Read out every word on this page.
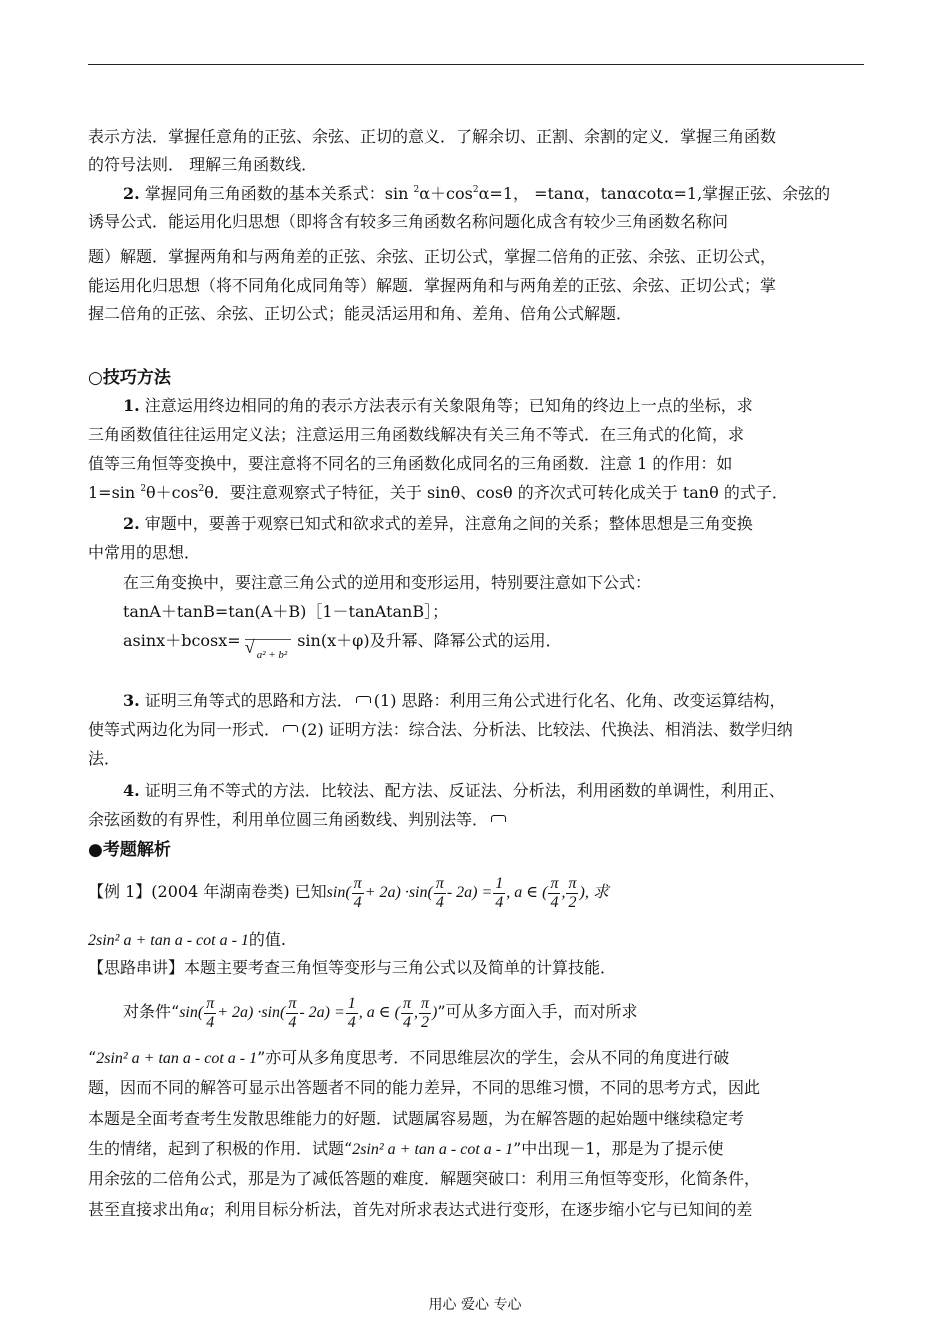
表示方法．掌握任意角的正弦、余弦、正切的意义．了解余切、正割、余割的定义．掌握三角函数
的符号法则． 理解三角函数线．
2. 掌握同角三角函数的基本关系式：$\sin ^2\alpha+\cos^2\alpha=1$， =tanα，tanαcotα=1,掌握正弦、余弦的
诱导公式．能运用化归思想（即将含有较多三角函数名称问题化成含有较少三角函数名称问
题）解题．掌握两角和与两角差的正弦、余弦、正切公式，掌握二倍角的正弦、余弦、正切公式，
能运用化归思想（将不同角化成同角等）解题．掌握两角和与两角差的正弦、余弦、正切公式；掌
握二倍角的正弦、余弦、正切公式；能灵活运用和角、差角、倍角公式解题．
○技巧方法
1. 注意运用终边相同的角的表示方法表示有关象限角等；已知角的终边上一点的坐标，求
三角函数值往往运用定义法；注意运用三角函数线解决有关三角不等式．在三角式的化简，求
值等三角恒等变换中，要注意将不同名的三角函数化成同名的三角函数．注意 1 的作用：如
1=sin $^2\theta+\cos^2\theta$．要注意观察式子特征，关于 sinθ、cosθ 的齐次式可转化成关于 tanθ 的式子．
2. 审题中，要善于观察已知式和欲求式的差异，注意角之间的关系；整体思想是三角变换
中常用的思想．
在三角变换中，要注意三角公式的逆用和变形运用，特别要注意如下公式：
tanA＋tanB=tan(A＋B)［1－tanAtanB］；
asinx＋bcosx=√ a² + b²sin(x＋φ)及升幂、降幂公式的运用．
3. 证明三角等式的思路和方法． (1) 思路：利用三角公式进行化名、化角、改变运算结构，
使等式两边化为同一形式． (2) 证明方法：综合法、分析法、比较法、代换法、相消法、数学归纳
法．
4. 证明三角不等式的方法．比较法、配方法、反证法、分析法，利用函数的单调性，利用正、
余弦函数的有界性，利用单位圆三角函数线、判别法等．
●考题解析
【例 1】(2004 年湖南卷类) 已知$\sin( \frac{\pi}{4} + 2a) \cdot\sin( \frac{\pi}{4} - 2a) = \frac{1}{4}$ , a ∈ ( $\frac{\pi}{4}$ , $\frac{\pi}{2}$ ), 求
2sin² a + tan a - cot a - 1的值.
【思路串讲】本题主要考查三角恒等变形与三角公式以及简单的计算技能．
对条件“$\sin( \frac{\pi}{4} + 2a) \cdot\sin( \frac{\pi}{4} - 2a) = \frac{1}{4}$ , a ∈ ( $\frac{\pi}{4}$ , $\frac{\pi}{2}$ )”可从多方面入手，而对所求
“2sin² a + tan a - cot a - 1”亦可从多角度思考．不同思维层次的学生，会从不同的角度进行破
题，因而不同的解答可显示出答题者不同的能力差异，不同的思维习惯，不同的思考方式，因此
本题是全面考查考生发散思维能力的好题．试题属容易题，为在解答题的起始题中继续稳定考
生的情绪，起到了积极的作用．试题“2sin² a + tan a - cot a - 1”中出现－1，那是为了提示使
用余弦的二倍角公式，那是为了减低答题的难度．解题突破口：利用三角恒等变形，化简条件，
甚至直接求出角α；利用目标分析法，首先对所求表达式进行变形，在逐步缩小它与已知间的差
用心 爱心 专心
